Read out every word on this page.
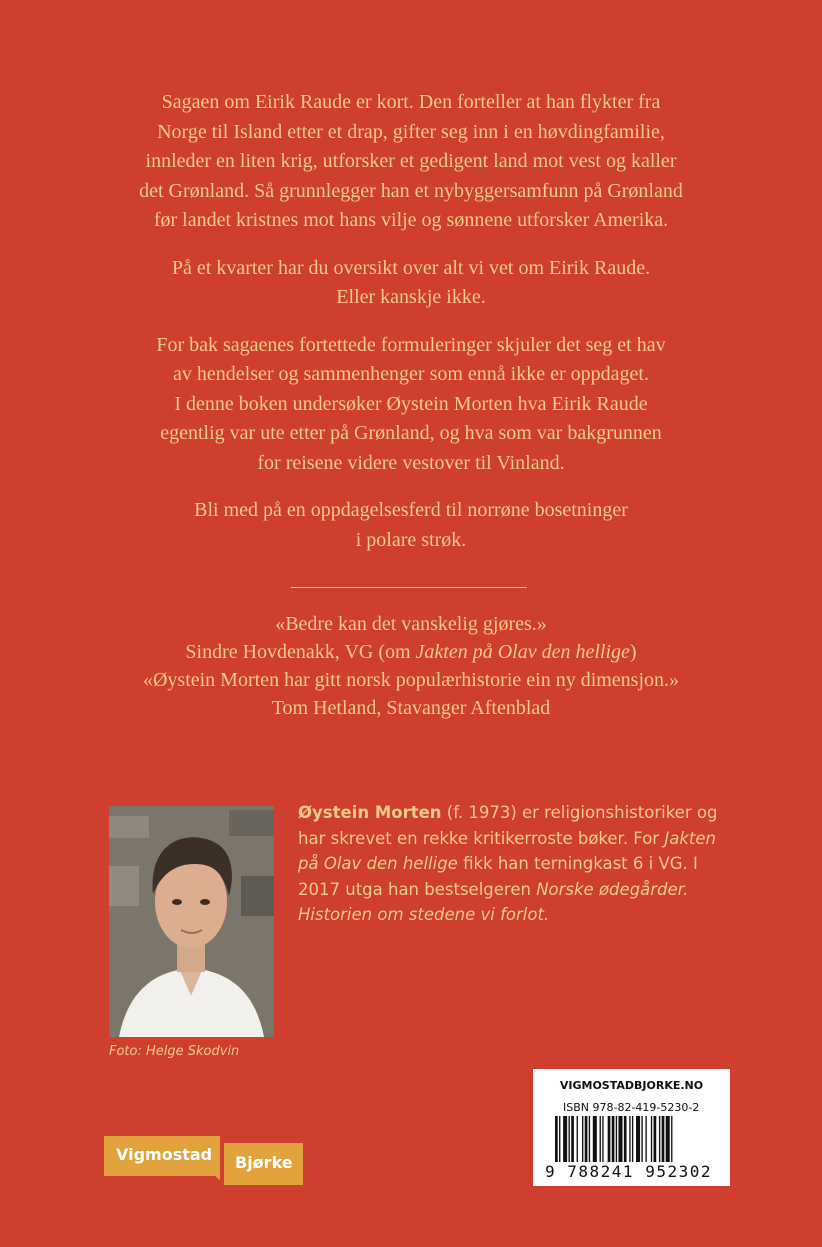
Sagaen om Eirik Raude er kort. Den forteller at han flykter fra
Norge til Island etter et drap, gifter seg inn i en høvdingfamilie,
innleder en liten krig, utforsker et gedigent land mot vest og kaller
det Grønland. Så grunnlegger han et nybyggersamfunn på Grønland
før landet kristnes mot hans vilje og sønnene utforsker Amerika.

På et kvarter har du oversikt over alt vi vet om Eirik Raude.
Eller kanskje ikke.

For bak sagaenes fortettede formuleringer skjuler det seg et hav
av hendelser og sammenhenger som ennå ikke er oppdaget.
I denne boken undersøker Øystein Morten hva Eirik Raude
egentlig var ute etter på Grønland, og hva som var bakgrunnen
for reisene videre vestover til Vinland.

Bli med på en oppdagelsesferd til norrøne bosetninger
i polare strøk.

«Bedre kan det vanskelig gjøres.»
Sindre Hovdenakk, VG (om Jakten på Olav den hellige)
«Øystein Morten har gitt norsk populærhistorie ein ny dimensjon.»
Tom Hetland, Stavanger Aftenblad
Foto: Helge Skodvin
Øystein Morten (f. 1973) er religionshistoriker og har skrevet en rekke kritikerroste bøker. For Jakten på Olav den hellige fikk han terningkast 6 i VG. I 2017 utga han bestselgeren Norske ødegårder. Historien om stedene vi forlot.
VIGMOSTADBJORKE.NO
ISBN 978-82-419-5230-2
9 788241 952302
Vigmostad Bjørke
